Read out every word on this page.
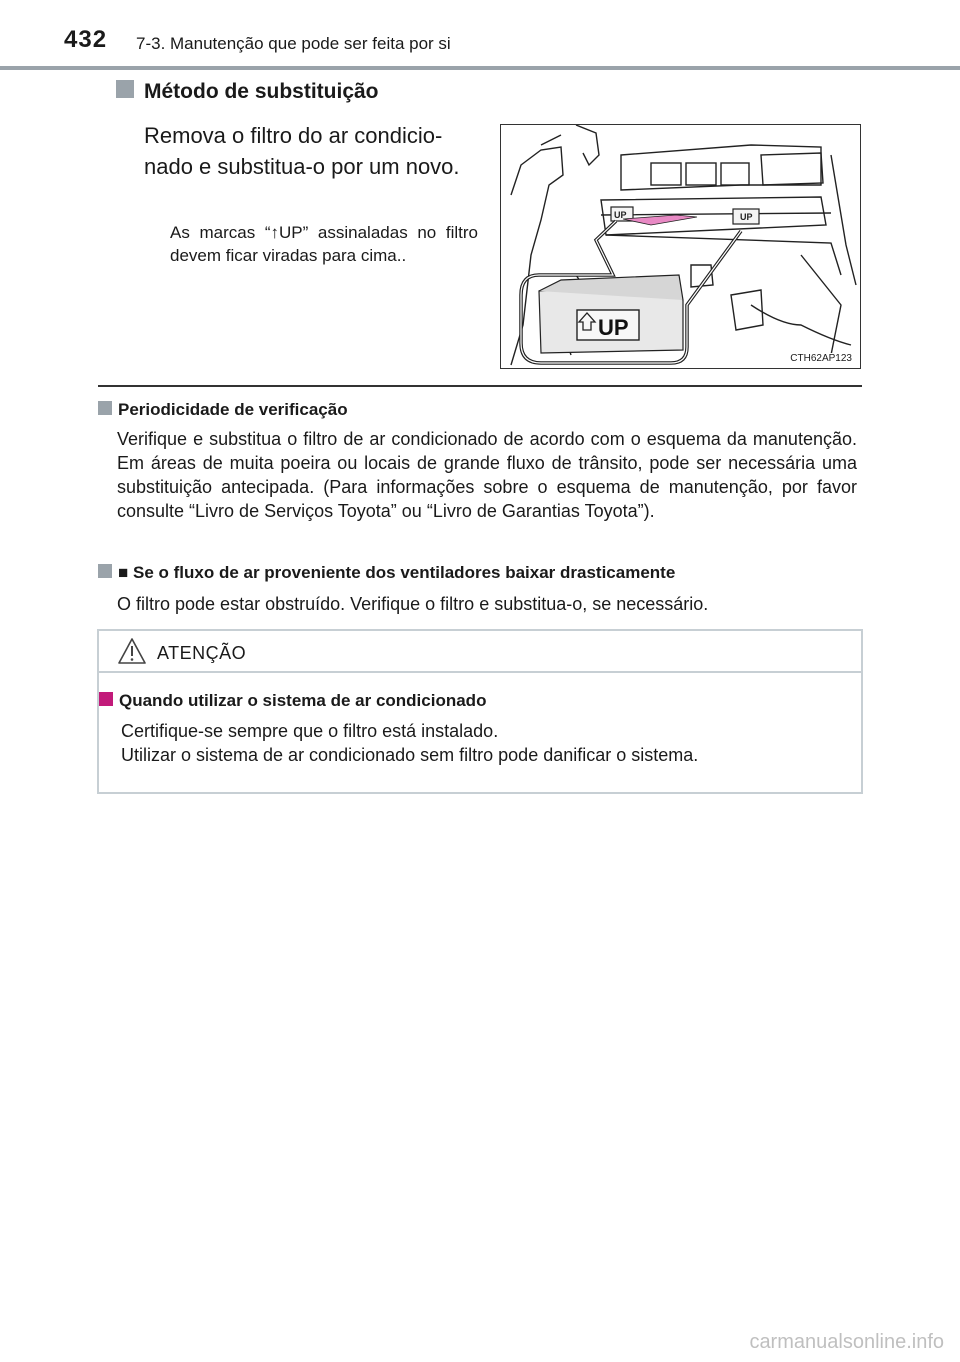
432 7-3. Manutenção que pode ser feita por si
Método de substituição
Remova o filtro do ar condicio-nado e substitua-o por um novo.
As marcas “↑UP” assinaladas no filtro devem ficar viradas para cima..
UP	UP
UP
CTH62AP123
Periodicidade de verificação
Verifique e substitua o filtro de ar condicionado de acordo com o esquema da manutenção. Em áreas de muita poeira ou locais de grande fluxo de trânsito, pode ser necessária uma substituição antecipada. (Para informações sobre o esquema de manutenção, por favor consulte “Livro de Serviços Toyota” ou “Livro de Garantias Toyota”).
■ Se o fluxo de ar proveniente dos ventiladores baixar drasticamente
O filtro pode estar obstruído. Verifique o filtro e substitua-o, se necessário.
ATENÇÃO
Quando utilizar o sistema de ar condicionado
Certifique-se sempre que o filtro está instalado.
Utilizar o sistema de ar condicionado sem filtro pode danificar o sistema.
carmanualsonline.info
